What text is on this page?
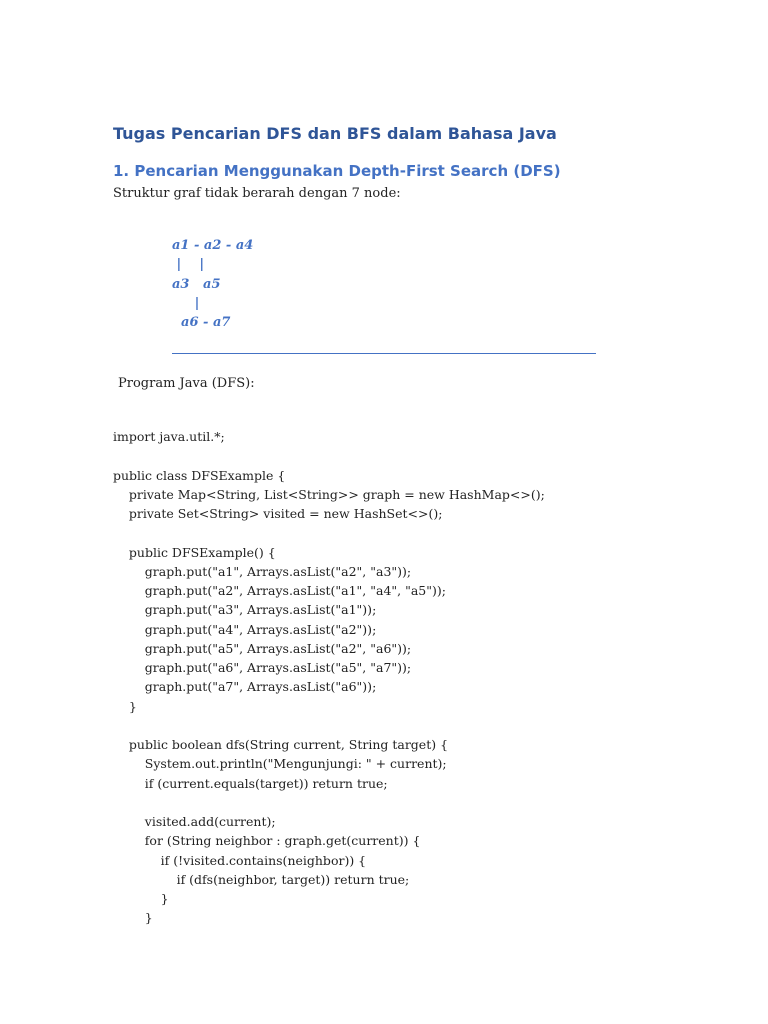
Tugas Pencarian DFS dan BFS dalam Bahasa Java
1. Pencarian Menggunakan Depth-First Search (DFS)
Struktur graf tidak berarah dengan 7 node:
a1 - a2 - a4
|    |
a3   a5
|
a6 - a7
Program Java (DFS):
import java.util.*;

public class DFSExample {
private Map<String, List<String>> graph = new HashMap<>();
private Set<String> visited = new HashSet<>();

public DFSExample() {
graph.put("a1", Arrays.asList("a2", "a3"));
graph.put("a2", Arrays.asList("a1", "a4", "a5"));
graph.put("a3", Arrays.asList("a1"));
graph.put("a4", Arrays.asList("a2"));
graph.put("a5", Arrays.asList("a2", "a6"));
graph.put("a6", Arrays.asList("a5", "a7"));
graph.put("a7", Arrays.asList("a6"));
}

public boolean dfs(String current, String target) {
System.out.println("Mengunjungi: " + current);
if (current.equals(target)) return true;

visited.add(current);
for (String neighbor : graph.get(current)) {
if (!visited.contains(neighbor)) {
if (dfs(neighbor, target)) return true;
}
}
